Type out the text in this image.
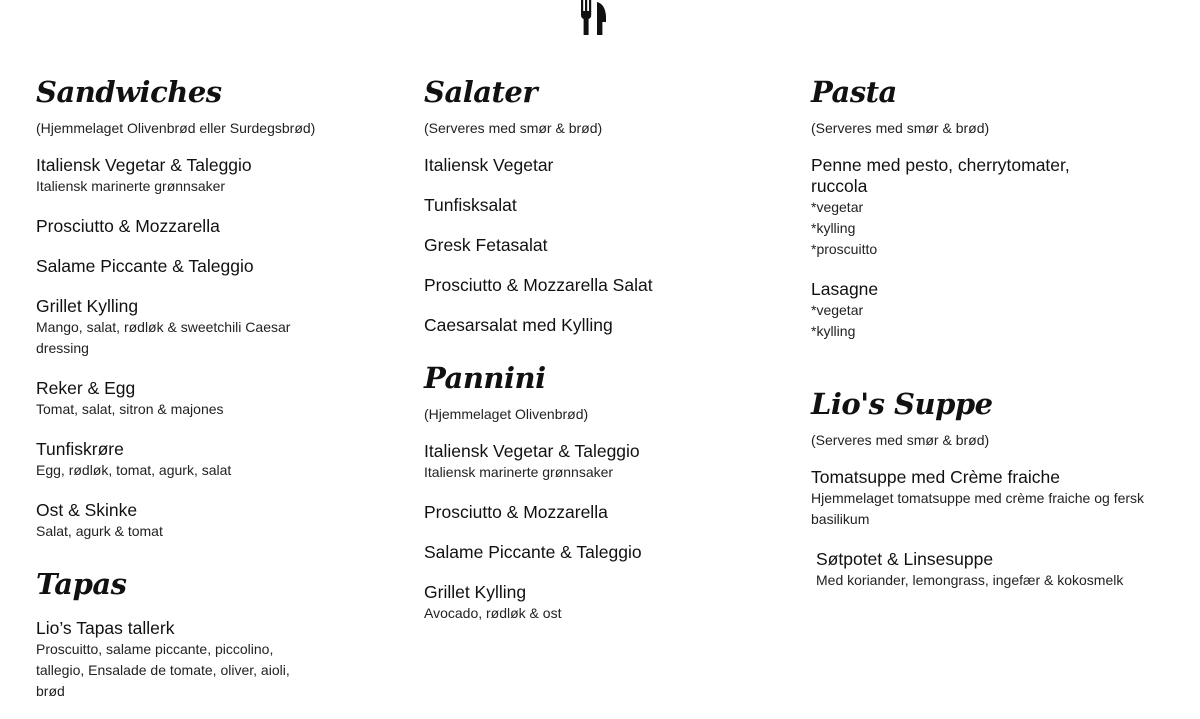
Sandwiches
(Hjemmelaget Olivenbrød eller Surdegsbrød)
Italiensk Vegetar & Taleggio
Italiensk marinerte grønnsaker
Prosciutto & Mozzarella
Salame Piccante & Taleggio
Grillet Kylling
Mango, salat, rødløk & sweetchili Caesar dressing
Reker & Egg
Tomat, salat, sitron & majones
Tunfiskrøre
Egg, rødløk, tomat, agurk, salat
Ost & Skinke
Salat, agurk & tomat
Tapas
Lio’s Tapas tallerk
Proscuitto, salame piccante, piccolino, tallegio, Ensalade de tomate, oliver, aioli, brød
Salater
(Serveres med smør & brød)
Italiensk Vegetar
Tunfisksalat
Gresk Fetasalat
Prosciutto & Mozzarella Salat
Caesarsalat med Kylling
Pannini
(Hjemmelaget Olivenbrød)
Italiensk Vegetar & Taleggio
Italiensk marinerte grønnsaker
Prosciutto & Mozzarella
Salame Piccante & Taleggio
Grillet Kylling
Avocado, rødløk & ost
Pasta
(Serveres med smør & brød)
Penne med pesto, cherrytomater, ruccola
*vegetar
*kylling
*proscuitto
Lasagne
*vegetar
*kylling
Lio's Suppe
(Serveres med smør & brød)
Tomatsuppe med Crème fraiche
Hjemmelaget tomatsuppe med crème fraiche og fersk basilikum
Søtpotet & Linsesuppe
Med koriander, lemongrass, ingefær & kokosmelk
